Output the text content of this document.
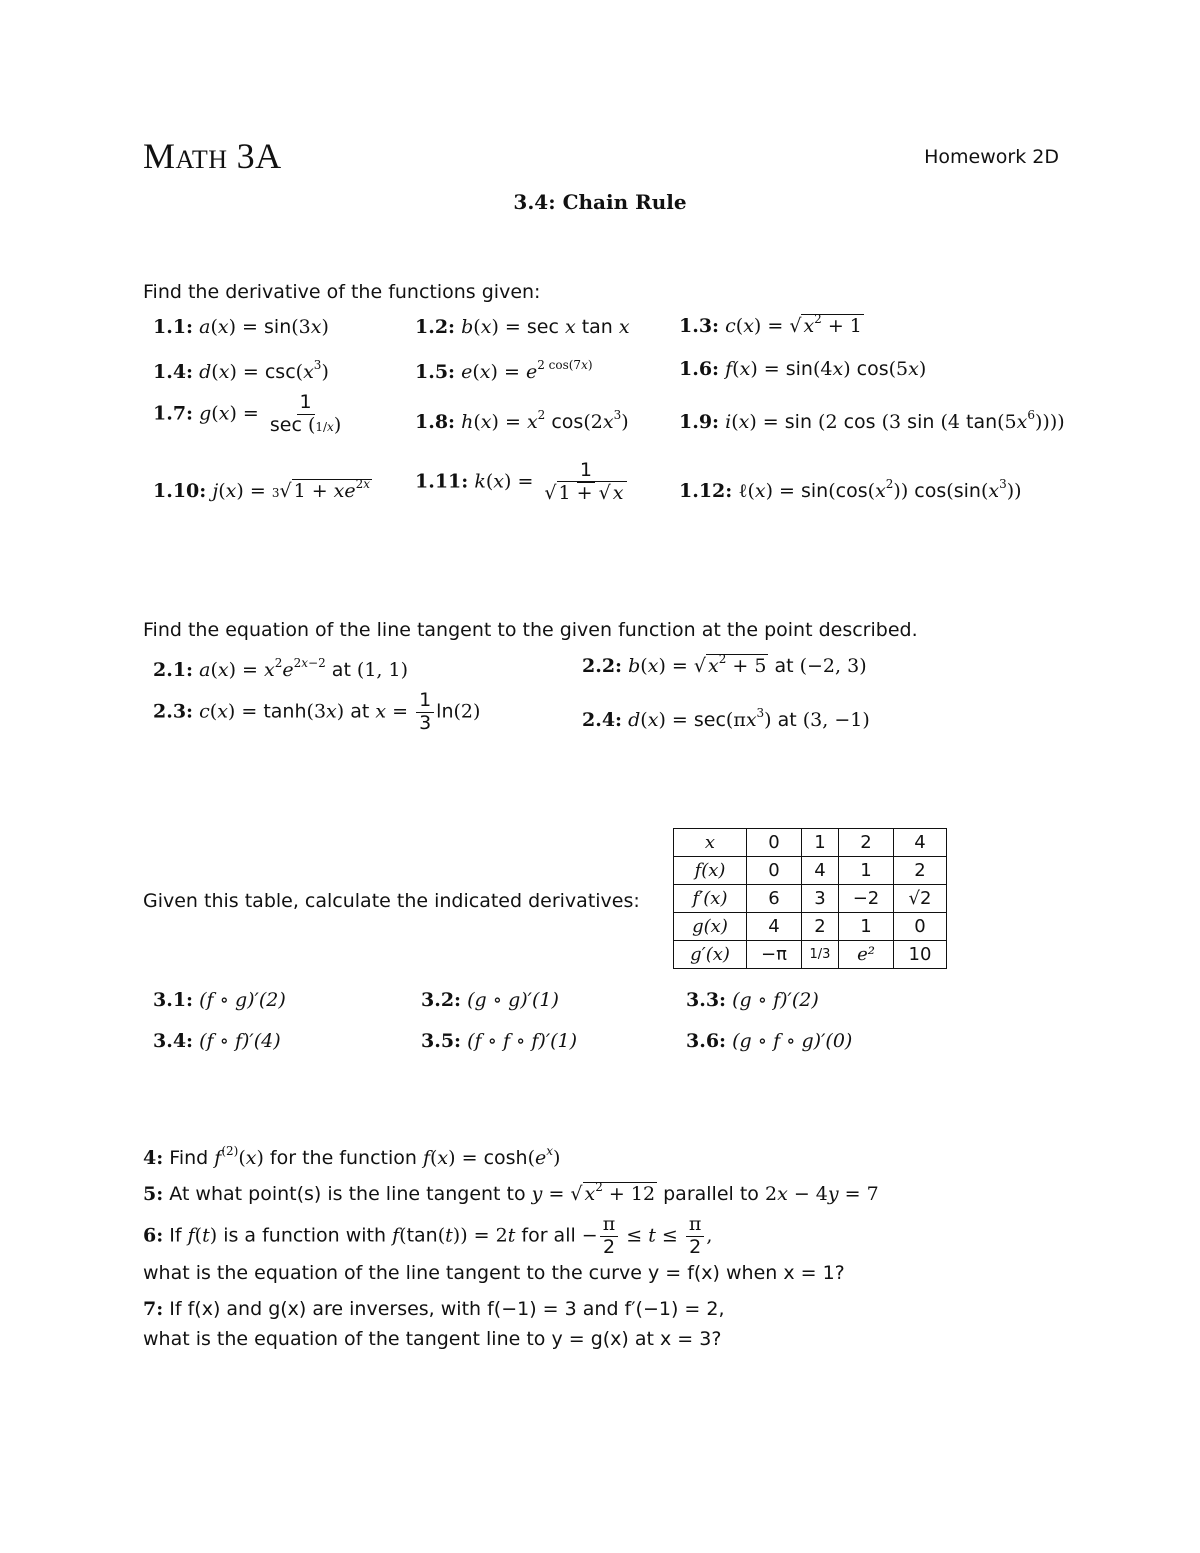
MATH 3A	Homework 2D
3.4: Chain Rule
Find the derivative of the functions given:
1.1: a(x) = sin(3x)	1.2: b(x) = sec x tan x	1.3: c(x) = √ $x^2 + 1$
1.4: $d(x) = \csc(x^3)$	1.5: $e(x) = e^{2 cos(7x)}$	1.6: f(x) = sin(4x) cos(5x)
1.7: g(x) =
1
sec (1/x)	1.8: $h(x) = x^2$ $\cos(2x^3)$	1.9: i(x) = sin (2 cos (3 sin (4 $\tan(5x^6)$)))
1.10: j(x) = 3√ $1 + xe^{2x}$ 1.11: $k(x) = \frac{1}{√ 1 + √ x}$	1.12: ℓ(x) = $\sin(\cos(x^2))$ $\cos(\sin(x^3))$
Find the equation of the line tangent to the given function at the point described.
2.1: $a(x) = x^2e^{2x-2}$ at (1, 1)	2.2: b(x) = √ $x^2 + 5$ at (−2, 3)
2.3: c(x) = tanh(3x) at $x = \frac{1}{3} \ln(2)$	2.4: $d(x) = \sec(\pi x^3)$ at (3, −1)
Given this table, calculate the indicated derivatives:
x	0	1	2	4
f(x)	0	4	1	2
f′(x)	6	3	−2	√2
g(x)	4	2	1	0
g′(x)	−π	1/3	e²	10
3.1: (f ∘ g)′(2)	3.2: (g ∘ g)′(1)	3.3: (g ∘ f)′(2)
3.4: (f ∘ f)′(4)	3.5: (f ∘ f ∘ f)′(1)	3.6: (g ∘ f ∘ g)′(0)
4: Find $f^{(2)}(x)$ for the function $f(x) = \cosh(e^x)$
5: At what point(s) is the line tangent to y = √ $x^2 + 12$ parallel to 2x − 4y = 7
6: If f(t) is a function with f(tan(t)) = 2t for all − $\frac{\pi}{2} \le t \le \frac{\pi}{2}$ ,
what is the equation of the line tangent to the curve y = f(x) when x = 1?
7: If f(x) and g(x) are inverses, with f(−1) = 3 and f′(−1) = 2,
what is the equation of the tangent line to y = g(x) at x = 3?
